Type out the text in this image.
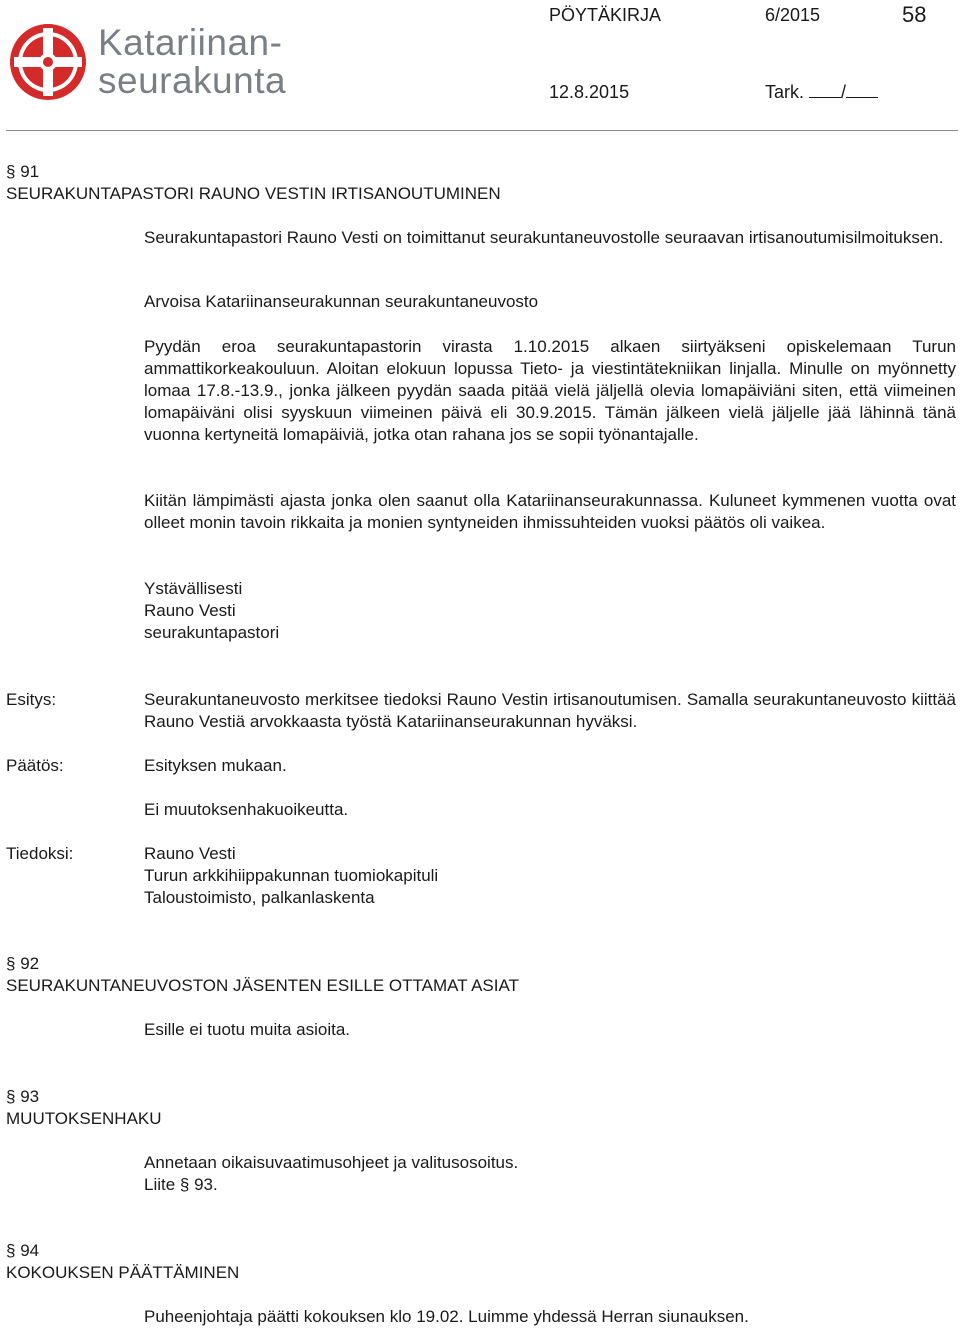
Katariinan-
seurakunta
PÖYTÄKIRJA	6/2015	58
12.8.2015	Tark. /
§ 91
SEURAKUNTAPASTORI RAUNO VESTIN IRTISANOUTUMINEN

Seurakuntapastori Rauno Vesti on toimittanut seurakuntaneuvostolle seuraavan irtisanoutumisilmoituksen.

Arvoisa Katariinanseurakunnan seurakuntaneuvosto

Pyydän eroa seurakuntapastorin virasta 1.10.2015 alkaen siirtyäkseni opiskelemaan Turun ammattikorkeakouluun. Aloitan elokuun lopussa Tieto- ja viestintätekniikan linjalla. Minulle on myönnetty lomaa 17.8.-13.9., jonka jälkeen pyydän saada pitää vielä jäljellä olevia lomapäiviäni siten, että viimeinen lomapäiväni olisi syyskuun viimeinen päivä eli 30.9.2015. Tämän jälkeen vielä jäljelle jää lähinnä tänä vuonna kertyneitä lomapäiviä, jotka otan rahana jos se sopii työnantajalle.

Kiitän lämpimästi ajasta jonka olen saanut olla Katariinanseurakunnassa. Kuluneet kymmenen vuotta ovat olleet monin tavoin rikkaita ja monien syntyneiden ihmissuhteiden vuoksi päätös oli vaikea.

Ystävällisesti
Rauno Vesti
seurakuntapastori
Esitys:	Seurakuntaneuvosto merkitsee tiedoksi Rauno Vestin irtisanoutumisen. Samalla seurakuntaneuvosto kiittää Rauno Vestiä arvokkaasta työstä Katariinanseurakunnan hyväksi.

Päätös:	Esityksen mukaan.

Ei muutoksenhakuoikeutta.

Tiedoksi:	Rauno Vesti
Turun arkkihiippakunnan tuomiokapituli
Taloustoimisto, palkanlaskenta
§ 92
SEURAKUNTANEUVOSTON JÄSENTEN ESILLE OTTAMAT ASIAT

Esille ei tuotu muita asioita.

§ 93
MUUTOKSENHAKU
Annetaan oikaisuvaatimusohjeet ja valitusosoitus.
Liite § 93.
§ 94
KOKOUKSEN PÄÄTTÄMINEN

Puheenjohtaja päätti kokouksen klo 19.02. Luimme yhdessä Herran siunauksen.
